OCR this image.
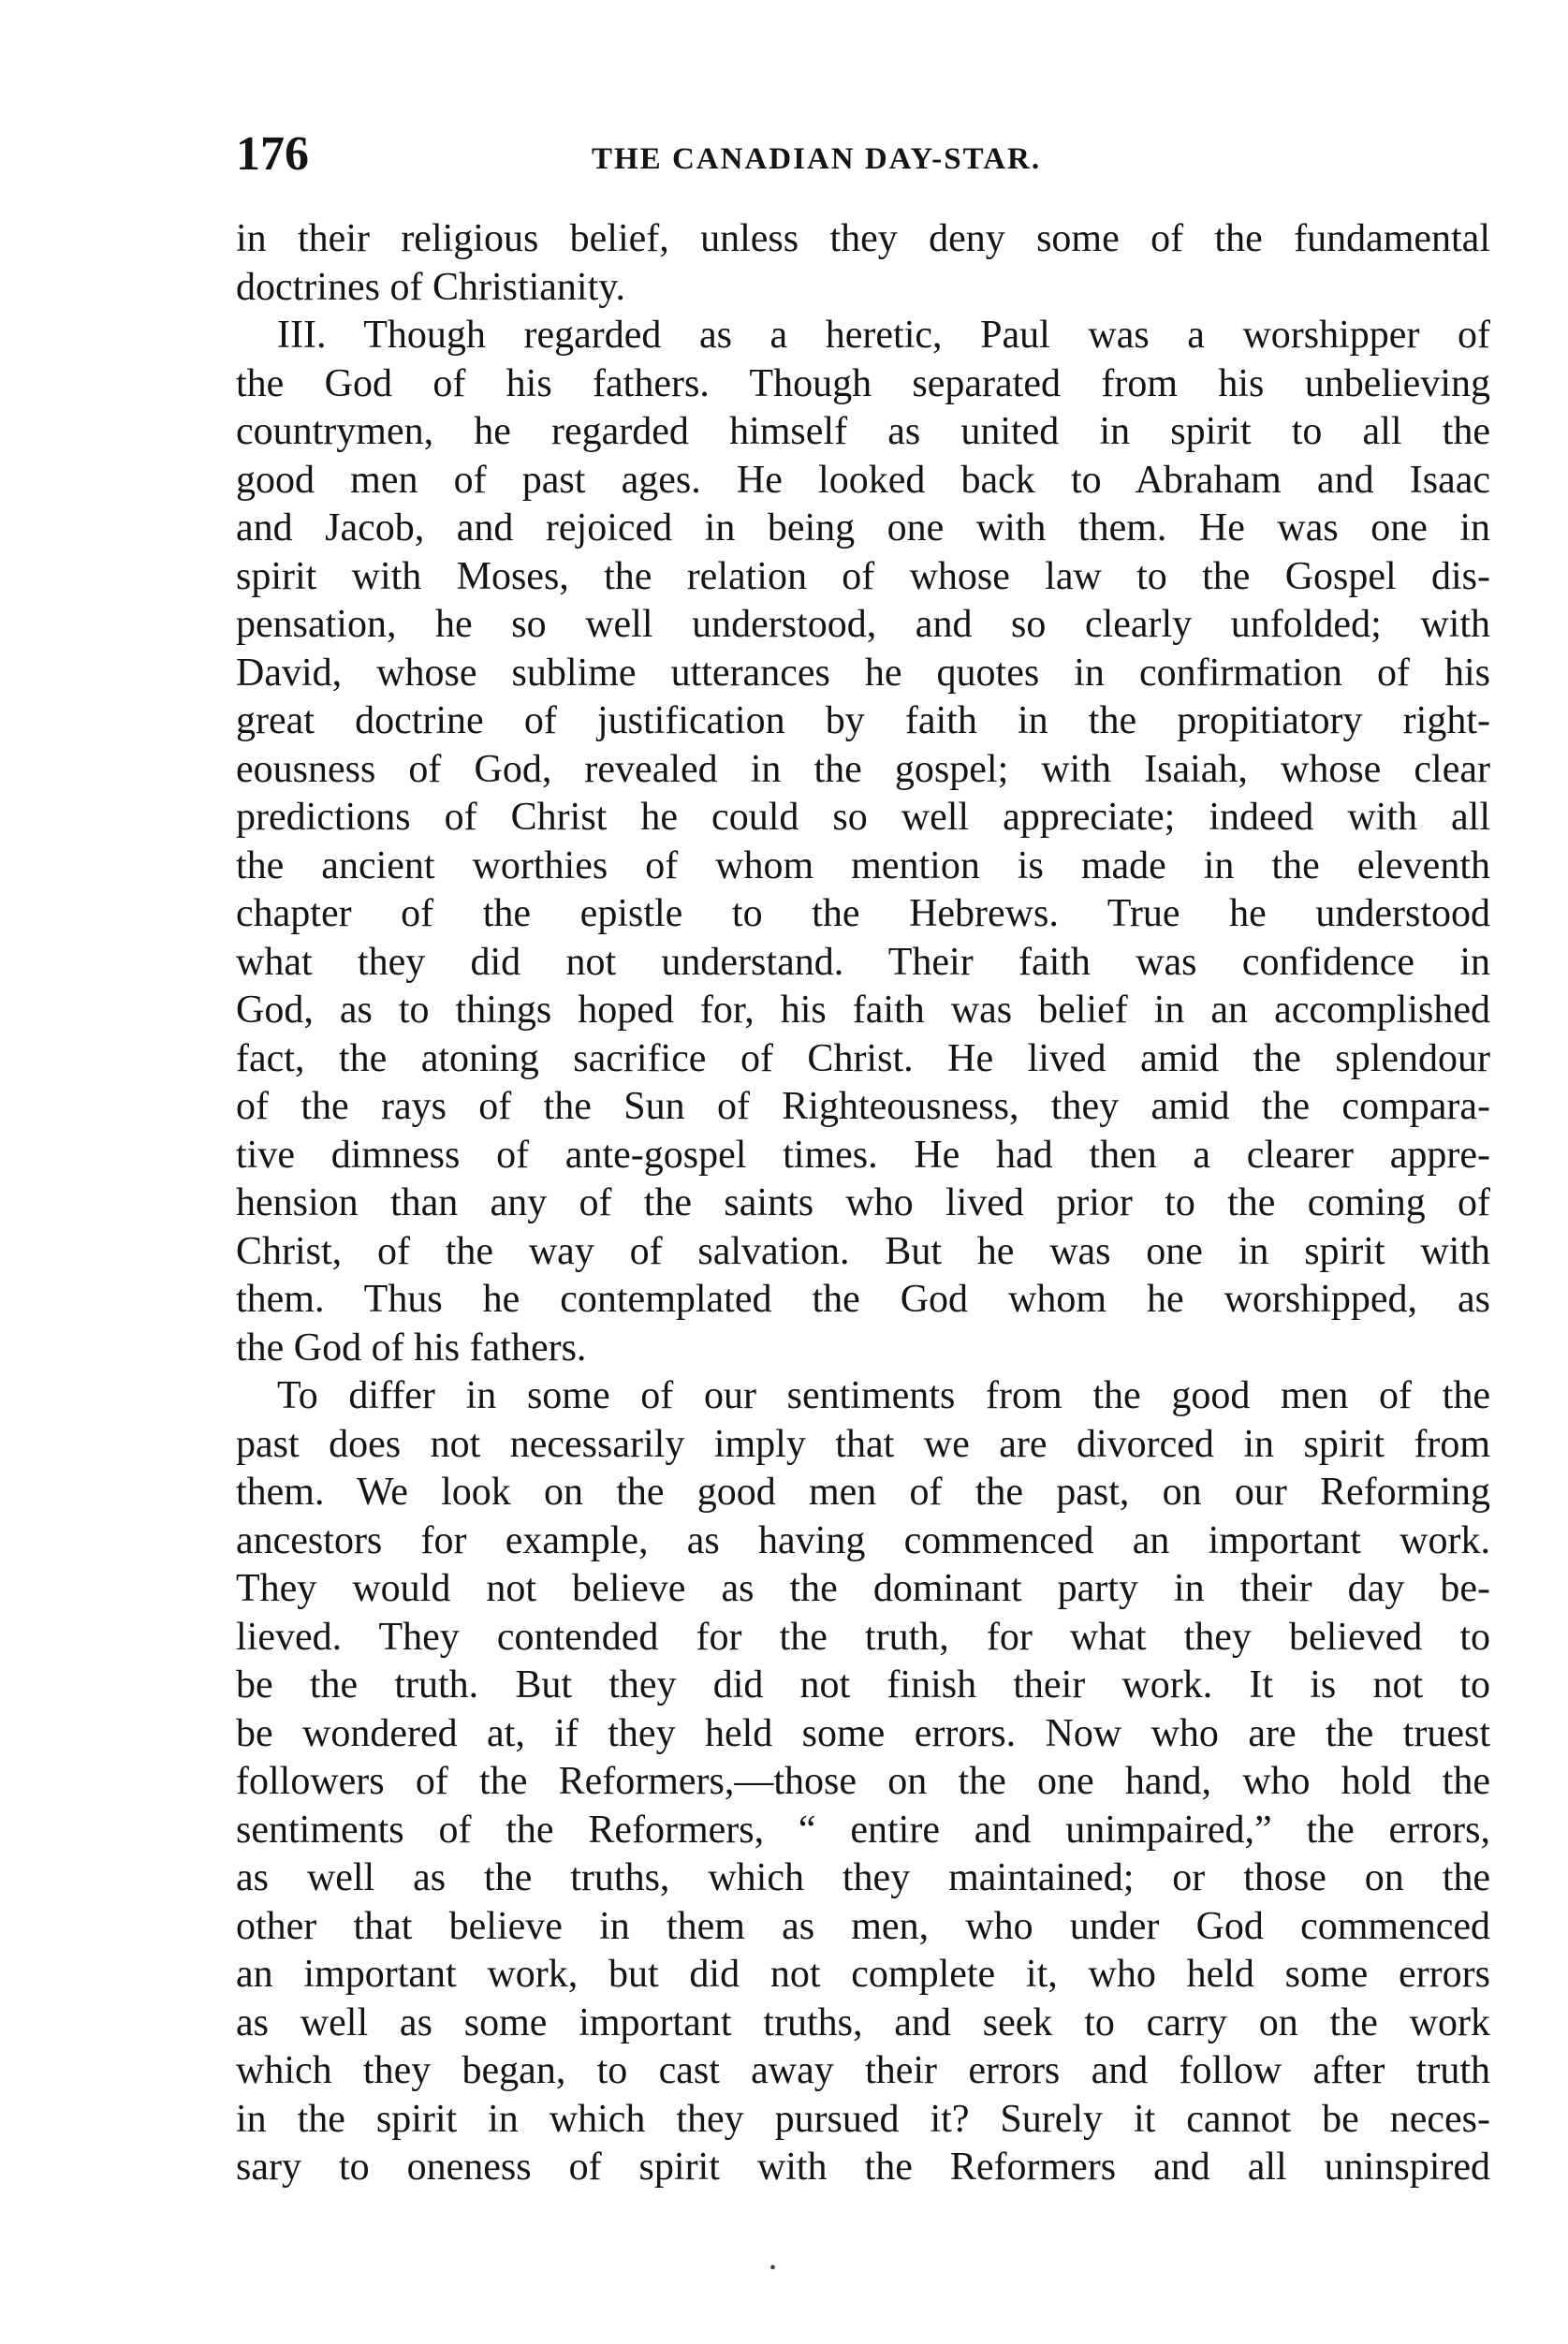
176	THE CANADIAN DAY-STAR.
in their religious belief, unless they deny some of the fundamental
doctrines of Christianity.
III. Though regarded as a heretic, Paul was a worshipper of
the God of his fathers. Though separated from his unbelieving
countrymen, he regarded himself as united in spirit to all the
good men of past ages. He looked back to Abraham and Isaac
and Jacob, and rejoiced in being one with them. He was one in
spirit with Moses, the relation of whose law to the Gospel dis-
pensation, he so well understood, and so clearly unfolded; with
David, whose sublime utterances he quotes in confirmation of his
great doctrine of justification by faith in the propitiatory right-
eousness of God, revealed in the gospel; with Isaiah, whose clear
predictions of Christ he could so well appreciate; indeed with all
the ancient worthies of whom mention is made in the eleventh
chapter of the epistle to the Hebrews. True he understood
what they did not understand. Their faith was confidence in
God, as to things hoped for, his faith was belief in an accomplished
fact, the atoning sacrifice of Christ. He lived amid the splendour
of the rays of the Sun of Righteousness, they amid the compara-
tive dimness of ante-gospel times. He had then a clearer appre-
hension than any of the saints who lived prior to the coming of
Christ, of the way of salvation. But he was one in spirit with
them. Thus he contemplated the God whom he worshipped, as
the God of his fathers.
To differ in some of our sentiments from the good men of the
past does not necessarily imply that we are divorced in spirit from
them. We look on the good men of the past, on our Reforming
ancestors for example, as having commenced an important work.
They would not believe as the dominant party in their day be-
lieved. They contended for the truth, for what they believed to
be the truth. But they did not finish their work. It is not to
be wondered at, if they held some errors. Now who are the truest
followers of the Reformers,—those on the one hand, who hold the
sentiments of the Reformers, “ entire and unimpaired,” the errors,
as well as the truths, which they maintained; or those on the
other that believe in them as men, who under God commenced
an important work, but did not complete it, who held some errors
as well as some important truths, and seek to carry on the work
which they began, to cast away their errors and follow after truth
in the spirit in which they pursued it? Surely it cannot be neces-
sary to oneness of spirit with the Reformers and all uninspired
•
